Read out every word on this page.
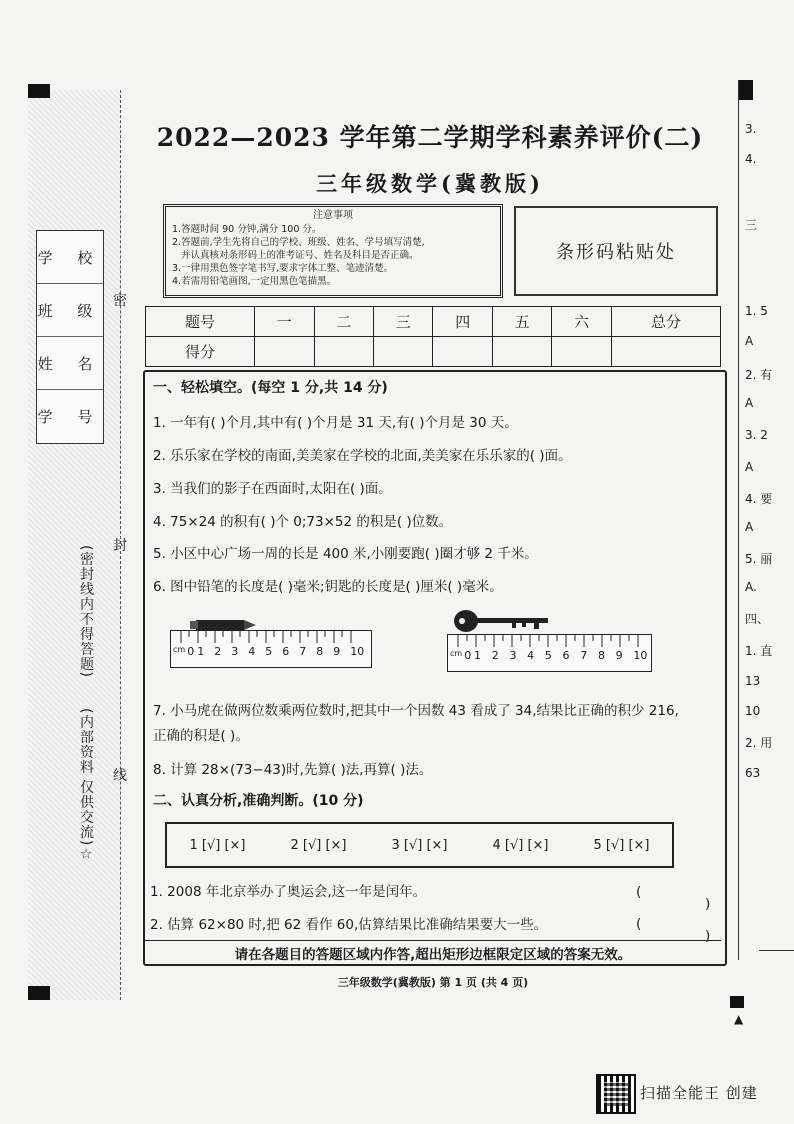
学 校
班 级
姓 名
学 号
密
封
线
(密封线内不得答题)
(内部资料 仅供交流)☆
2022—2023 学年第二学期学科素养评价(二)
三年级数学(冀教版)
注意事项
1.答题时间 90 分钟,满分 100 分。
2.答题前,学生先将自己的学校、班级、姓名、学号填写清楚,
并认真核对条形码上的准考证号、姓名及科目是否正确。
3.一律用黑色签字笔书写,要求字体工整、笔迹清楚。
4.若需用铅笔画图,一定用黑色笔描黑。
条形码粘贴处
题号	一	二	三	四	五	六	总分
得分							
一、轻松填空。(每空 1 分,共 14 分)
1. 一年有( )个月,其中有( )个月是 31 天,有( )个月是 30 天。
2. 乐乐家在学校的南面,美美家在学校的北面,美美家在乐乐家的( )面。
3. 当我们的影子在西面时,太阳在( )面。
4. 75×24 的积有( )个 0;73×52 的积是( )位数。
5. 小区中心广场一周的长是 400 米,小刚要跑( )圈才够 2 千米。
6. 图中铅笔的长度是( )毫米;钥匙的长度是( )厘米( )毫米。
cm 0 1 2 3 4 5 6 7 8 9 10	cm 0 1 2 3 4 5 6 7 8 9 10
7. 小马虎在做两位数乘两位数时,把其中一个因数 43 看成了 34,结果比正确的积少 216,
正确的积是( )。
8. 计算 28×(73−43)时,先算( )法,再算( )法。
二、认真分析,准确判断。(10 分)
1 [√] [×]	2 [√] [×]	3 [√] [×]	4 [√] [×]	5 [√] [×]
1. 2008 年北京举办了奥运会,这一年是闰年。	(
)
2. 估算 62×80 时,把 62 看作 60,估算结果比准确结果要大一些。	(
)
请在各题目的答题区域内作答,超出矩形边框限定区域的答案无效。
三年级数学(冀教版) 第 1 页 (共 4 页)
▲
3.
4.
三
1. 5
A
2. 有
A
3. 2
A
4. 要
A
5. 丽
A.
四、
1. 直
13
10
2. 用
63
扫描全能王 创建
